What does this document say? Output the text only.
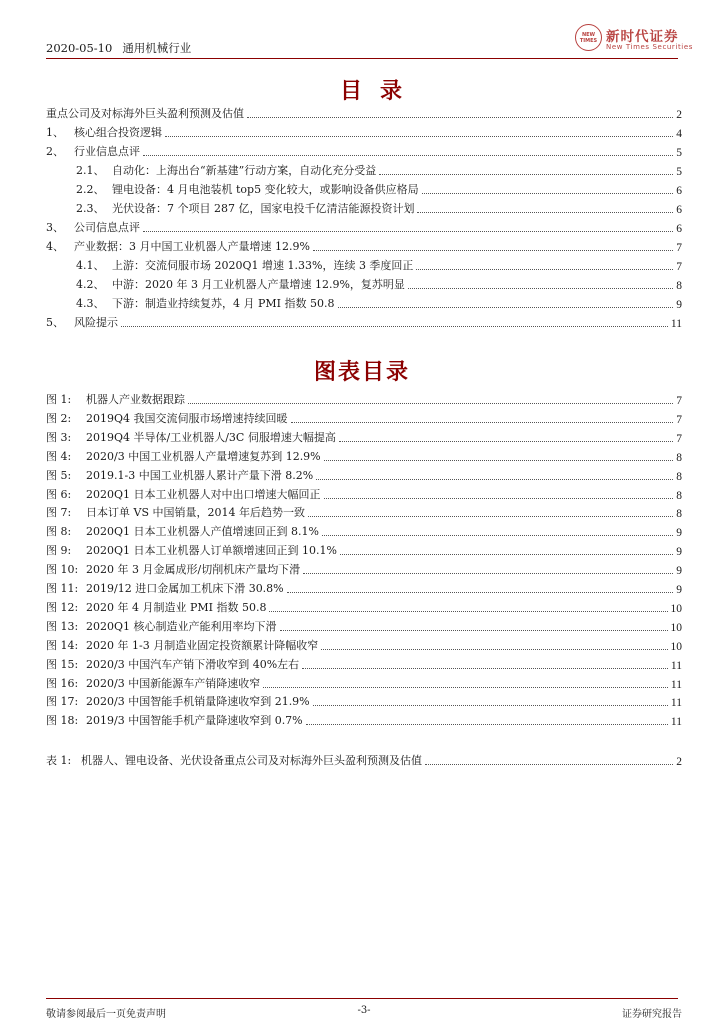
2020-05-10 通用机械行业
NEW TIMES 新时代证券
New Times Securities
目录
重点公司及对标海外巨头盈利预测及估值	2
1、 核心组合投资逻辑	4
2、 行业信息点评	5
2.1、 自动化：上海出台“新基建”行动方案，自动化充分受益	5
2.2、 锂电设备：4 月电池装机 top5 变化较大，或影响设备供应格局	6
2.3、 光伏设备：7 个项目 287 亿，国家电投千亿清洁能源投资计划	6
3、 公司信息点评	6
4、 产业数据：3 月中国工业机器人产量增速 12.9%	7
4.1、 上游：交流伺服市场 2020Q1 增速 1.33%，连续 3 季度回正	7
4.2、 中游：2020 年 3 月工业机器人产量增速 12.9%，复苏明显	8
4.3、 下游：制造业持续复苏，4 月 PMI 指数 50.8	9
5、 风险提示	11
图表目录
图 1: 机器人产业数据跟踪	7
图 2: 2019Q4 我国交流伺服市场增速持续回暖	7
图 3: 2019Q4 半导体/工业机器人/3C 伺服增速大幅提高	7
图 4: 2020/3 中国工业机器人产量增速复苏到 12.9%	8
图 5: 2019.1-3 中国工业机器人累计产量下滑 8.2%	8
图 6: 2020Q1 日本工业机器人对中出口增速大幅回正	8
图 7: 日本订单 VS 中国销量，2014 年后趋势一致	8
图 8: 2020Q1 日本工业机器人产值增速回正到 8.1%	9
图 9: 2020Q1 日本工业机器人订单额增速回正到 10.1%	9
图 10: 2020 年 3 月金属成形/切削机床产量均下滑	9
图 11: 2019/12 进口金属加工机床下滑 30.8%	9
图 12: 2020 年 4 月制造业 PMI 指数 50.8	10
图 13: 2020Q1 核心制造业产能利用率均下滑	10
图 14: 2020 年 1-3 月制造业固定投资额累计降幅收窄	10
图 15: 2020/3 中国汽车产销下滑收窄到 40%左右	11
图 16: 2020/3 中国新能源车产销降速收窄	11
图 17: 2020/3 中国智能手机销量降速收窄到 21.9%	11
图 18: 2019/3 中国智能手机产量降速收窄到 0.7%	11
表 1: 机器人、锂电设备、光伏设备重点公司及对标海外巨头盈利预测及估值	2
敬请参阅最后一页免责声明	-3-	证券研究报告
